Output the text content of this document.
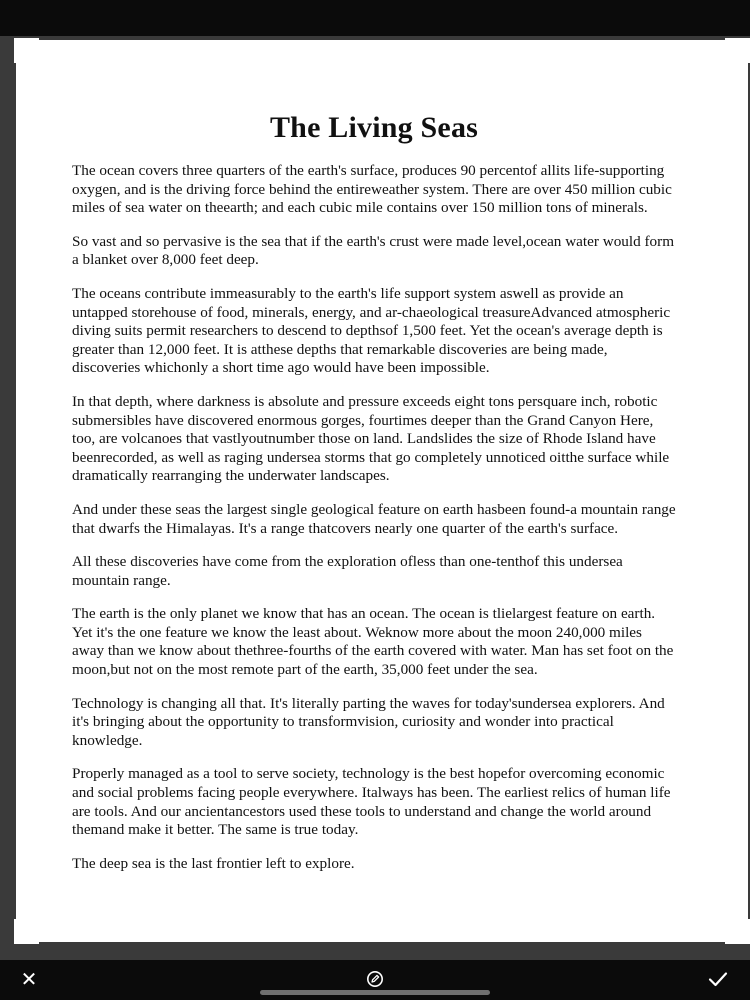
The Living Seas

The ocean covers three quarters of the earth's surface, produces 90 percentof allits life-supporting oxygen, and is the driving force behind the entireweather system. There are over 450 million cubic miles of sea water on theearth; and each cubic mile contains over 150 million tons of minerals.

So vast and so pervasive is the sea that if the earth's crust were made level,ocean water would form a blanket over 8,000 feet deep.

The oceans contribute immeasurably to the earth's life support system aswell as provide an untapped storehouse of food, minerals, energy, and ar-chaeological treasureAdvanced atmospheric diving suits permit researchers to descend to depthsof 1,500 feet. Yet the ocean's average depth is greater than 12,000 feet. It is atthese depths that remarkable discoveries are being made, discoveries whichonly a short time ago would have been impossible.

In that depth, where darkness is absolute and pressure exceeds eight tons persquare inch, robotic submersibles have discovered enormous gorges, fourtimes deeper than the Grand Canyon Here, too, are volcanoes that vastlyoutnumber those on land. Landslides the size of Rhode Island have beenrecorded, as well as raging undersea storms that go completely unnoticed oitthe surface while dramatically rearranging the underwater landscapes.

And under these seas the largest single geological feature on earth hasbeen found-a mountain range that dwarfs the Himalayas. It's a range thatcovers nearly one quarter of the earth's surface.

All these discoveries have come from the exploration ofless than one-tenthof this undersea mountain range.

The earth is the only planet we know that has an ocean. The ocean is tlielargest feature on earth. Yet it's the one feature we know the least about. Weknow more about the moon 240,000 miles away than we know about thethree-fourths of the earth covered with water. Man has set foot on the moon,but not on the most remote part of the earth, 35,000 feet under the sea.

Technology is changing all that. It's literally parting the waves for today'sundersea explorers. And it's bringing about the opportunity to transformvision, curiosity and wonder into practical knowledge.

Properly managed as a tool to serve society, technology is the best hopefor overcoming economic and social problems facing people everywhere. Italways has been. The earliest relics of human life are tools. And our ancientancestors used these tools to understand and change the world around themand make it better. The same is true today.

The deep sea is the last frontier left to explore.

✕
